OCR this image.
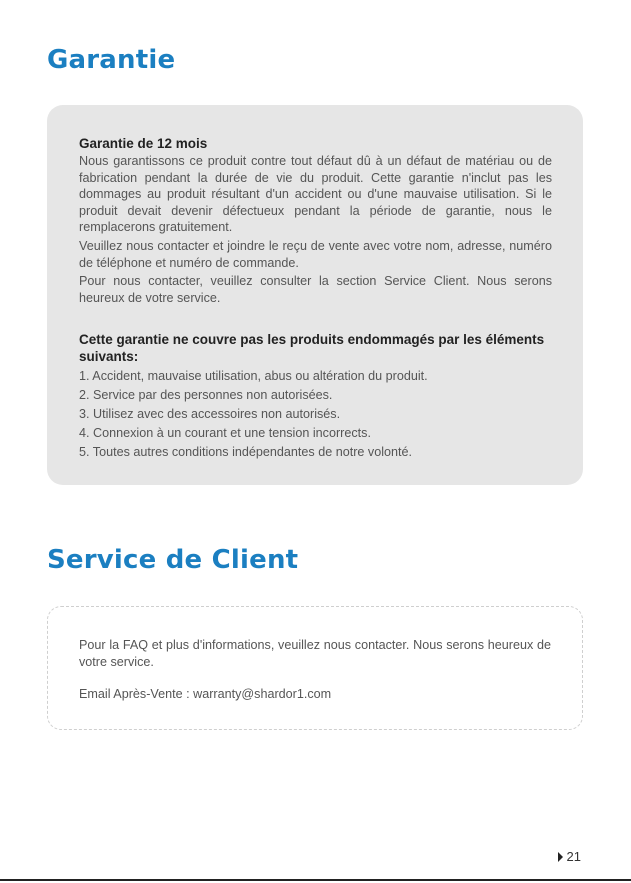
Garantie

Garantie de 12 mois

Nous garantissons ce produit contre tout défaut dû à un défaut de matériau ou de fabrication pendant la durée de vie du produit. Cette garantie n'inclut pas les dommages au produit résultant d'un accident ou d'une mauvaise utilisation. Si le produit devait devenir défectueux pendant la période de garantie, nous le remplacerons gratuitement.

Veuillez nous contacter et joindre le reçu de vente avec votre nom, adresse, numéro de téléphone et numéro de commande.

Pour nous contacter, veuillez consulter la section Service Client. Nous serons heureux de votre service.

Cette garantie ne couvre pas les produits endommagés par les éléments suivants:

1. Accident, mauvaise utilisation, abus ou altération du produit.
2. Service par des personnes non autorisées.
3. Utilisez avec des accessoires non autorisés.
4. Connexion à un courant et une tension incorrects.
5. Toutes autres conditions indépendantes de notre volonté.
Service de Client

Pour la FAQ et plus d'informations, veuillez nous contacter. Nous serons heureux de votre service.

Email Après-Vente : warranty@shardor1.com

21
